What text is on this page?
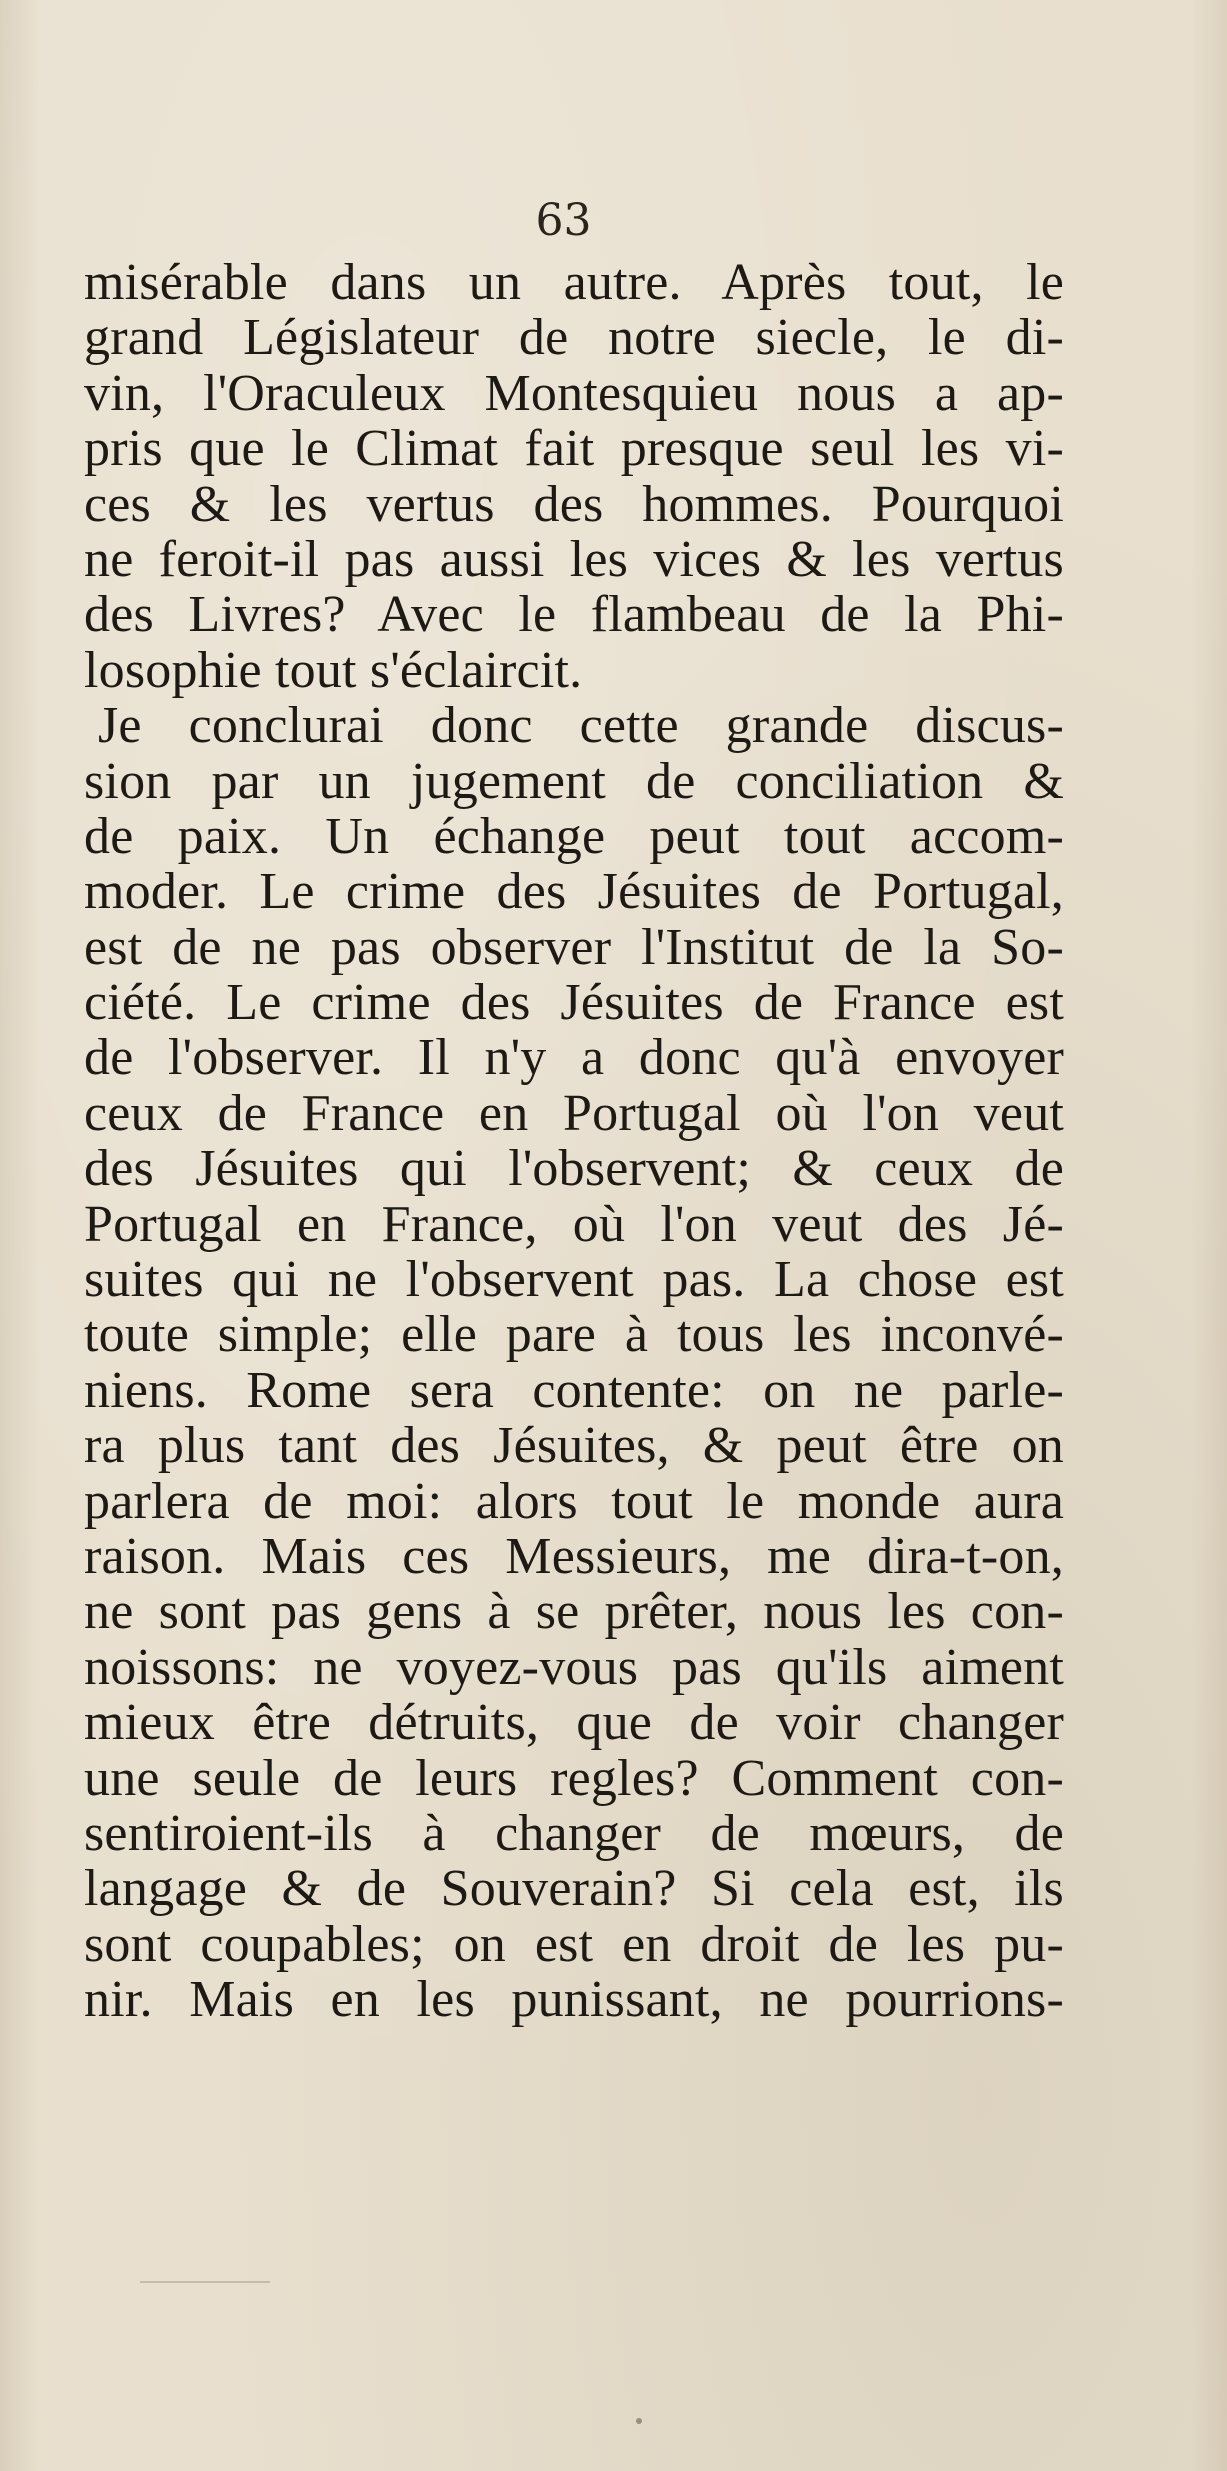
63
misérable dans un autre. Après tout, le
grand Législateur de notre siecle, le di-
vin, l'Oraculeux Montesquieu nous a ap-
pris que le Climat fait presque seul les vi-
ces & les vertus des hommes. Pourquoi
ne feroit-il pas aussi les vices & les vertus
des Livres? Avec le flambeau de la Phi-
losophie tout s'éclaircit.
Je conclurai donc cette grande discus-
sion par un jugement de conciliation &
de paix. Un échange peut tout accom-
moder. Le crime des Jésuites de Portugal,
est de ne pas observer l'Institut de la So-
ciété. Le crime des Jésuites de France est
de l'observer. Il n'y a donc qu'à envoyer
ceux de France en Portugal où l'on veut
des Jésuites qui l'observent; & ceux de
Portugal en France, où l'on veut des Jé-
suites qui ne l'observent pas. La chose est
toute simple; elle pare à tous les inconvé-
niens. Rome sera contente: on ne parle-
ra plus tant des Jésuites, & peut être on
parlera de moi: alors tout le monde aura
raison. Mais ces Messieurs, me dira-t-on,
ne sont pas gens à se prêter, nous les con-
noissons: ne voyez-vous pas qu'ils aiment
mieux être détruits, que de voir changer
une seule de leurs regles? Comment con-
sentiroient-ils à changer de mœurs, de
langage & de Souverain? Si cela est, ils
sont coupables; on est en droit de les pu-
nir. Mais en les punissant, ne pourrions-
